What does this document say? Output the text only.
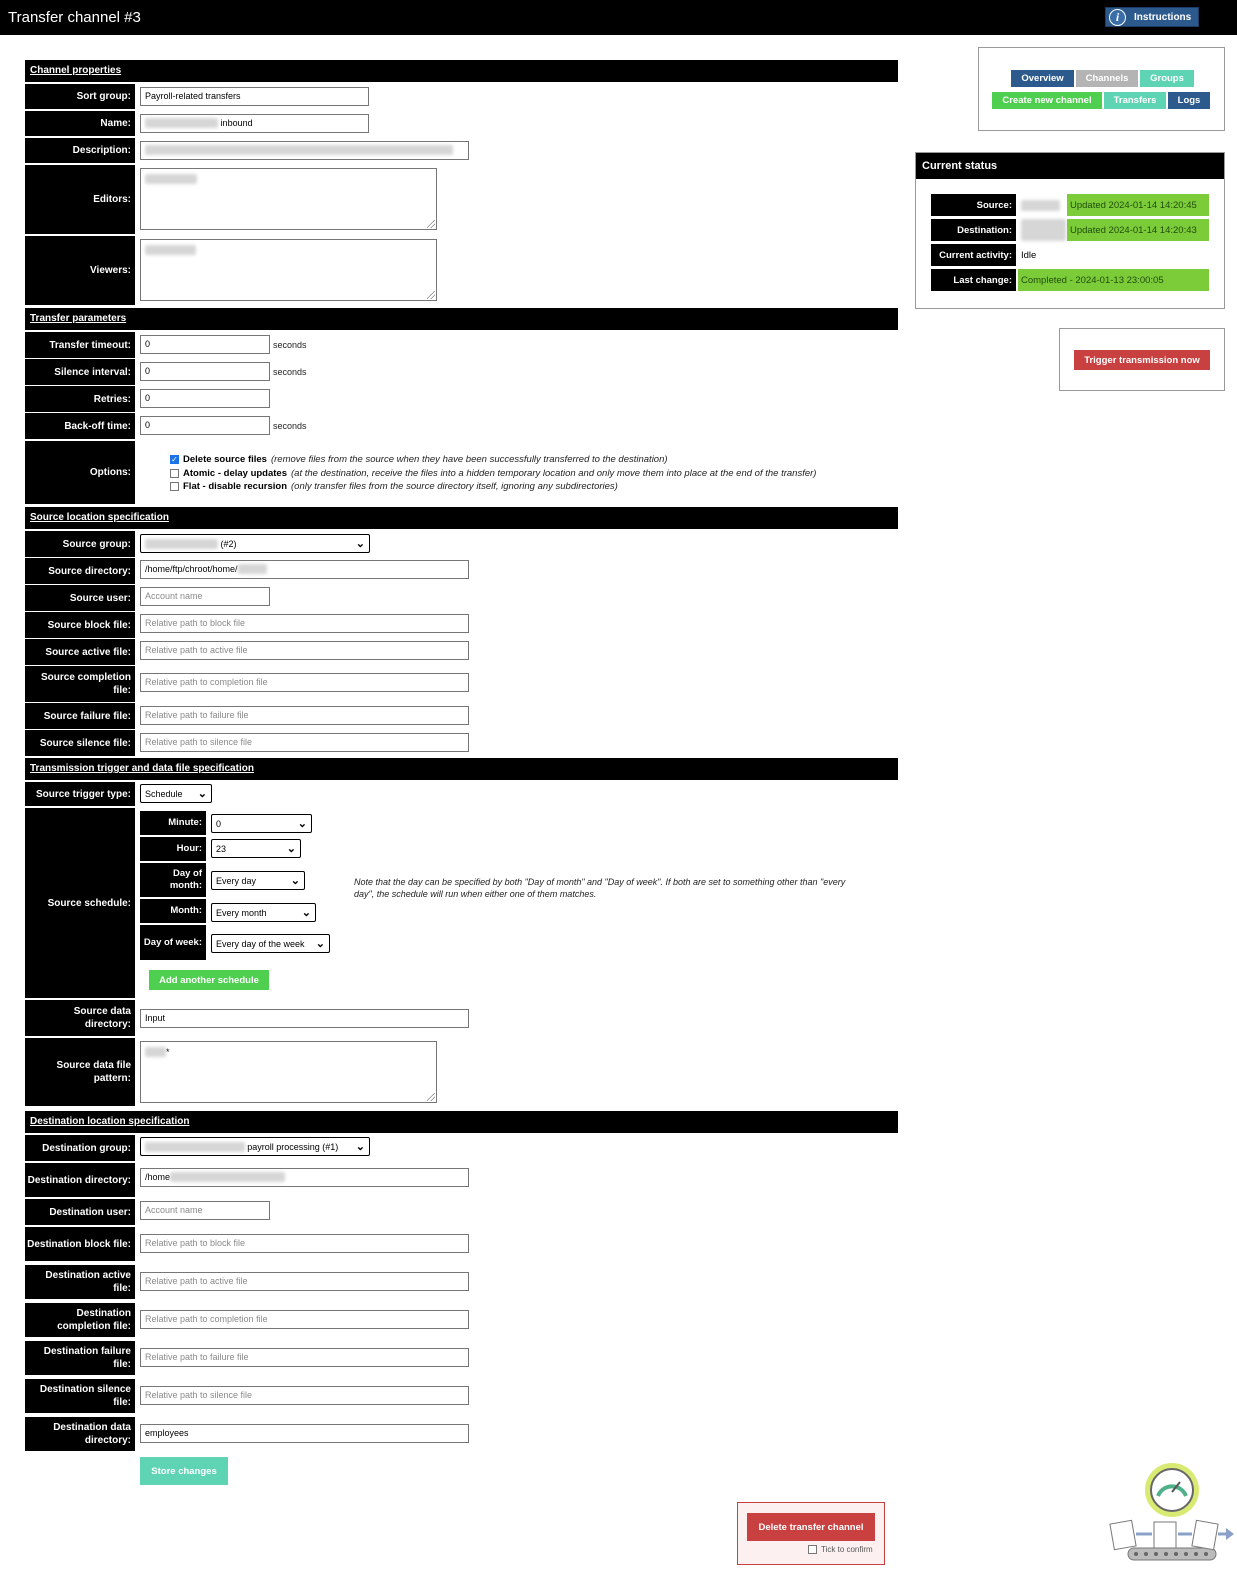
Transfer channel #3	i	Instructions
Channel properties
Sort group:	Payroll-related transfers
Name:	inbound
Description:
Editors:
Viewers:
Transfer parameters
Transfer timeout:	0	seconds
Silence interval:	0	seconds
Retries:	0
Back-off time:	0	seconds
Options:
✓ Delete source files (remove files from the source when they have been successfully transferred to the destination)
Atomic - delay updates (at the destination, receive the files into a hidden temporary location and only move them into place at the end of the transfer)
Flat - disable recursion (only transfer files from the source directory itself, ignoring any subdirectories)
Source location specification
Source group:	(#2)	⌄
Source directory:	/home/ftp/chroot/home/
Source user:	Account name
Source block file:	Relative path to block file
Source active file:	Relative path to active file
Source completion file:
Relative path to completion file
Source failure file:	Relative path to failure file
Source silence file:	Relative path to silence file
Transmission trigger and data file specification
Source trigger type:	Schedule ⌄
Source schedule:
Minute:	0	⌄
Hour:	23	⌄
Day of month:	Every day	⌄
Month:	Every month	⌄
Day of week:	Every day of the week ⌄
Note that the day can be specified by both "Day of month" and "Day of week". If both are set to something other than "every day", the schedule will run when either one of them matches.
Add another schedule
Source data directory:
Input
Source data file pattern:
*
Destination location specification
Destination group:	payroll processing (#1) ⌄
Destination directory:	/home
Destination user:	Account name
Destination block file:	Relative path to block file
Destination active file:
Relative path to active file
Destination completion file:
Relative path to completion file
Destination failure file:
Relative path to failure file
Destination silence file:
Relative path to silence file
Destination data directory:
employees
Store changes
Delete transfer channel
Tick to confirm
Overview	Channels	Groups
Create new channel	Transfers	Logs
Current status
Source:	Updated 2024-01-14 14:20:45
Destination:	Updated 2024-01-14 14:20:43
Current activity: Idle
Last change: Completed - 2024-01-13 23:00:05
Trigger transmission now
